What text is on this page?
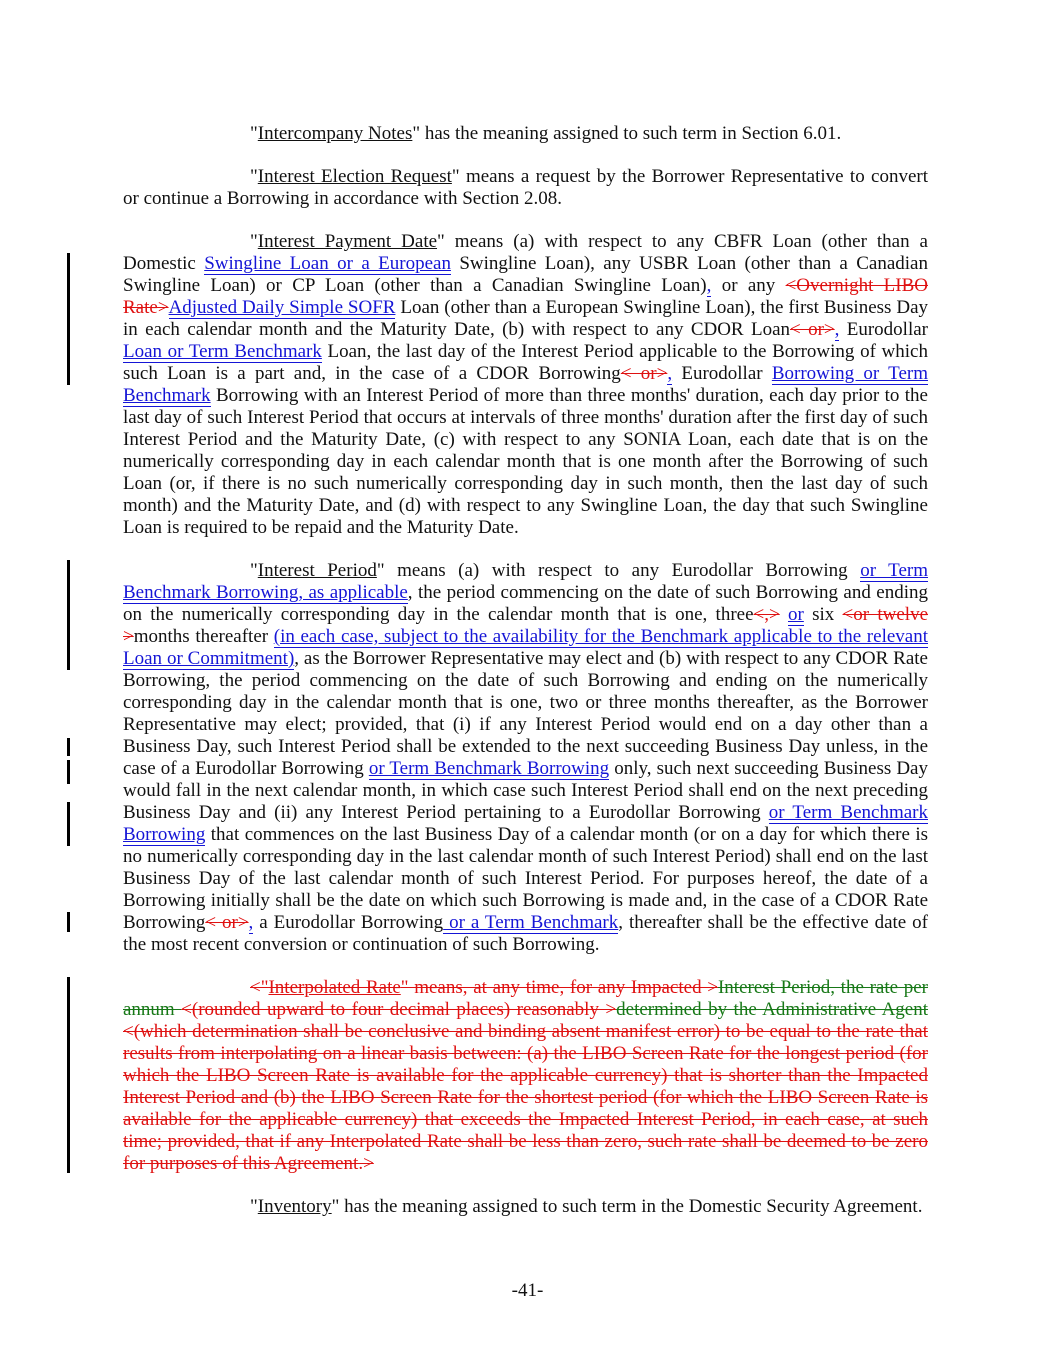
"Intercompany Notes" has the meaning assigned to such term in Section 6.01.

"Interest Election Request" means a request by the Borrower Representative to convert or continue a Borrowing in accordance with Section 2.08.

"Interest Payment Date" means (a) with respect to any CBFR Loan (other than a Domestic Swingline Loan or a European Swingline Loan), any USBR Loan (other than a Canadian Swingline Loan) or CP Loan (other than a Canadian Swingline Loan), or any <Overnight LIBO Rate>Adjusted Daily Simple SOFR Loan (other than a European Swingline Loan), the first Business Day in each calendar month and the Maturity Date, (b) with respect to any CDOR Loan< or>, Eurodollar Loan or Term Benchmark Loan, the last day of the Interest Period applicable to the Borrowing of which such Loan is a part and, in the case of a CDOR Borrowing< or>, Eurodollar Borrowing or Term Benchmark Borrowing with an Interest Period of more than three months' duration, each day prior to the last day of such Interest Period that occurs at intervals of three months' duration after the first day of such Interest Period and the Maturity Date, (c) with respect to any SONIA Loan, each date that is on the numerically corresponding day in each calendar month that is one month after the Borrowing of such Loan (or, if there is no such numerically corresponding day in such month, then the last day of such month) and the Maturity Date, and (d) with respect to any Swingline Loan, the day that such Swingline Loan is required to be repaid and the Maturity Date.

"Interest Period" means (a) with respect to any Eurodollar Borrowing or Term Benchmark Borrowing, as applicable, the period commencing on the date of such Borrowing and ending on the numerically corresponding day in the calendar month that is one, three<,> or six <or twelve >months thereafter (in each case, subject to the availability for the Benchmark applicable to the relevant Loan or Commitment), as the Borrower Representative may elect and (b) with respect to any CDOR Rate Borrowing, the period commencing on the date of such Borrowing and ending on the numerically corresponding day in the calendar month that is one, two or three months thereafter, as the Borrower Representative may elect; provided, that (i) if any Interest Period would end on a day other than a Business Day, such Interest Period shall be extended to the next succeeding Business Day unless, in the case of a Eurodollar Borrowing or Term Benchmark Borrowing only, such next succeeding Business Day would fall in the next calendar month, in which case such Interest Period shall end on the next preceding Business Day and (ii) any Interest Period pertaining to a Eurodollar Borrowing or Term Benchmark Borrowing that commences on the last Business Day of a calendar month (or on a day for which there is no numerically corresponding day in the last calendar month of such Interest Period) shall end on the last Business Day of the last calendar month of such Interest Period. For purposes hereof, the date of a Borrowing initially shall be the date on which such Borrowing is made and, in the case of a CDOR Rate Borrowing< or>, a Eurodollar Borrowing or a Term Benchmark, thereafter shall be the effective date of the most recent conversion or continuation of such Borrowing.

<"Interpolated Rate" means, at any time, for any Impacted >Interest Period, the rate per annum <(rounded upward to four decimal places) reasonably >determined by the Administrative Agent <(which determination shall be conclusive and binding absent manifest error) to be equal to the rate that results from interpolating on a linear basis between: (a) the LIBO Screen Rate for the longest period (for which the LIBO Screen Rate is available for the applicable currency) that is shorter than the Impacted Interest Period and (b) the LIBO Screen Rate for the shortest period (for which the LIBO Screen Rate is available for the applicable currency) that exceeds the Impacted Interest Period, in each case, at such time; provided, that if any Interpolated Rate shall be less than zero, such rate shall be deemed to be zero for purposes of this Agreement.>

"Inventory" has the meaning assigned to such term in the Domestic Security Agreement.

-41-
